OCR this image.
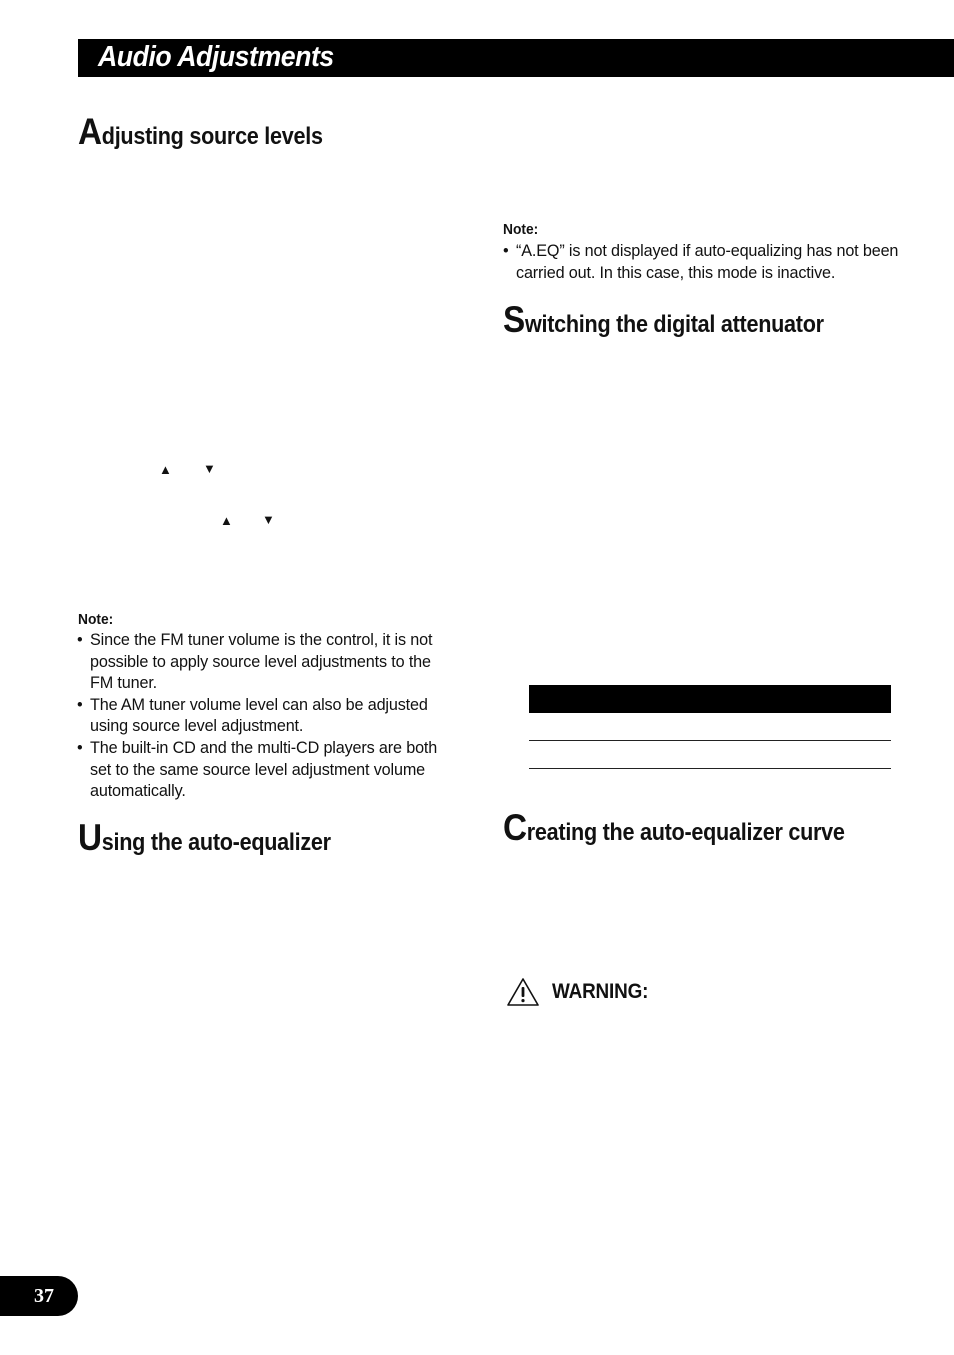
Audio Adjustments
Adjusting source levels
▲ ▼
▲ ▼

Note:

• Since the FM tuner volume is the control, it is not possible to apply source level adjustments to the FM tuner.
• The AM tuner volume level can also be adjusted using source level adjustment.
• The built-in CD and the multi-CD players are both set to the same source level adjustment volume automatically.
Using the auto-equalizer

Note:

• “A.EQ” is not displayed if auto-equalizing has not been carried out. In this case, this mode is inactive.
Switching the digital attenuator
Creating the auto-equalizer curve
WARNING:
37
